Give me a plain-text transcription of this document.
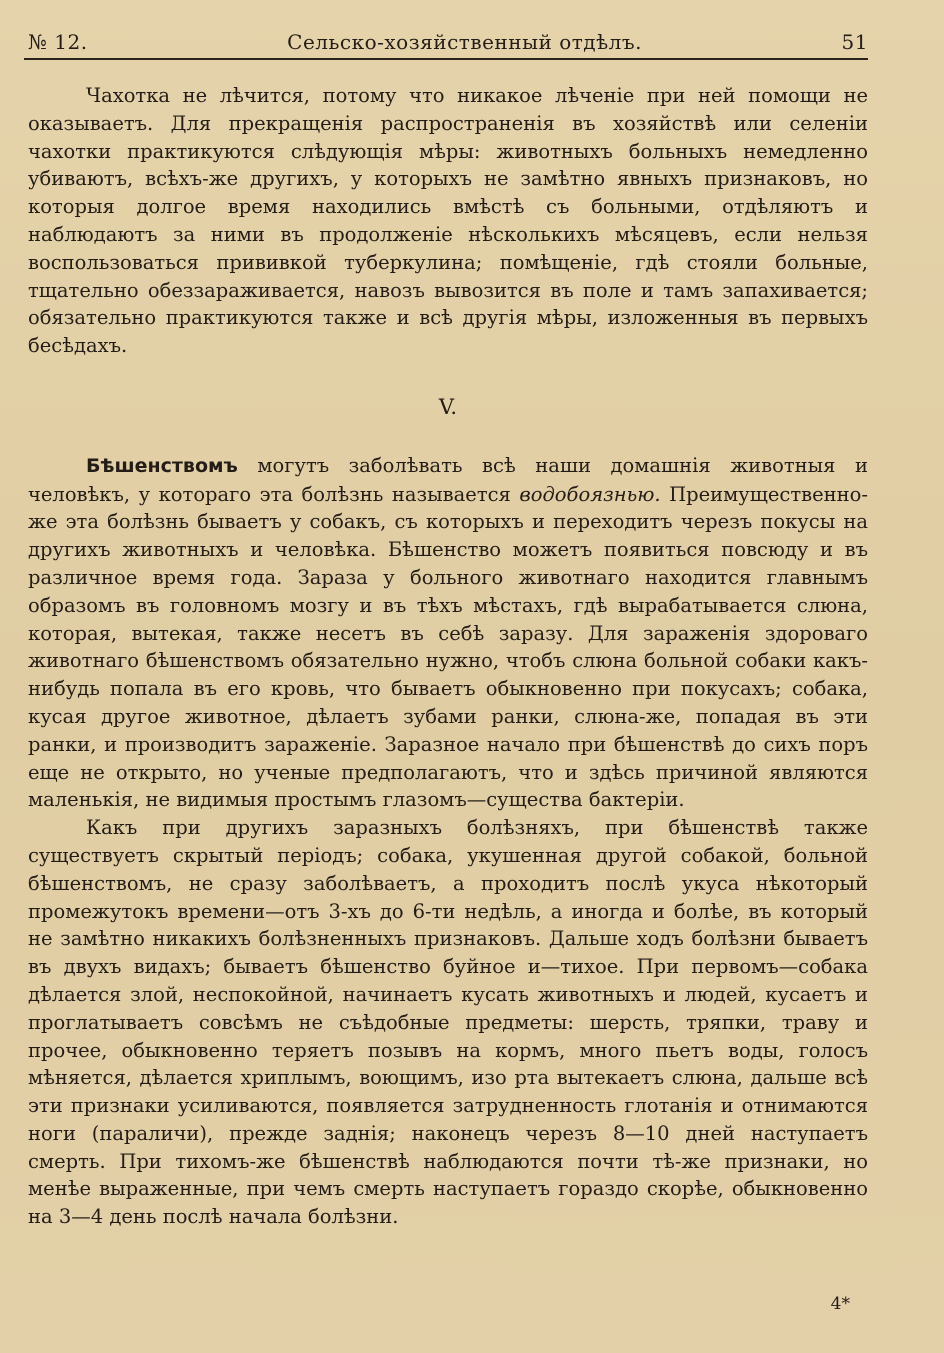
№ 12.	Сельско-хозяйственный отдѣлъ.	51

Чахотка не лѣчится, потому что никакое лѣченіе при ней помощи не оказываетъ. Для прекращенія распространенія въ хозяйствѣ или селеніи чахотки практикуются слѣдующія мѣры: животныхъ больныхъ немедленно убиваютъ, всѣхъ-же другихъ, у которыхъ не замѣтно явныхъ признаковъ, но которыя долгое время находились вмѣстѣ съ больными, отдѣляютъ и наблюдаютъ за ними въ продолженіе нѣсколькихъ мѣсяцевъ, если нельзя воспользоваться прививкой туберкулина; помѣщеніе, гдѣ стояли больные, тщательно обеззараживается, навозъ вывозится въ поле и тамъ запахивается; обязательно практикуются также и всѣ другія мѣры, изложенныя въ первыхъ бесѣдахъ.

V.

Бѣшенствомъ могутъ заболѣвать всѣ наши домашнія животныя и человѣкъ, у котораго эта болѣзнь называется водобоязнью. Преимущественно-же эта болѣзнь бываетъ у собакъ, съ которыхъ и переходитъ черезъ покусы на другихъ животныхъ и человѣка. Бѣшенство можетъ появиться повсюду и въ различное время года. Зараза у больного животнаго находится главнымъ образомъ въ головномъ мозгу и въ тѣхъ мѣстахъ, гдѣ вырабатывается слюна, которая, вытекая, также несетъ въ себѣ заразу. Для зараженія здороваго животнаго бѣшенствомъ обязательно нужно, чтобъ слюна больной собаки какъ-нибудь попала въ его кровь, что бываетъ обыкновенно при покусахъ; собака, кусая другое животное, дѣлаетъ зубами ранки, слюна-же, попадая въ эти ранки, и производитъ зараженіе. Заразное начало при бѣшенствѣ до сихъ поръ еще не открыто, но ученые предполагаютъ, что и здѣсь причиной являются маленькія, не видимыя простымъ глазомъ—существа бактеріи.

Какъ при другихъ заразныхъ болѣзняхъ, при бѣшенствѣ также существуетъ скрытый періодъ; собака, укушенная другой собакой, больной бѣшенствомъ, не сразу заболѣваетъ, а проходитъ послѣ укуса нѣкоторый промежутокъ времени—отъ 3-хъ до 6-ти недѣль, а иногда и болѣе, въ который не замѣтно никакихъ болѣзненныхъ признаковъ. Дальше ходъ болѣзни бываетъ въ двухъ видахъ; бываетъ бѣшенство буйное и—тихое. При первомъ—собака дѣлается злой, неспокойной, начинаетъ кусать животныхъ и людей, кусаетъ и проглатываетъ совсѣмъ не съѣдобные предметы: шерсть, тряпки, траву и прочее, обыкновенно теряетъ позывъ на кормъ, много пьетъ воды, голосъ мѣняется, дѣлается хриплымъ, воющимъ, изо рта вытекаетъ слюна, дальше всѣ эти признаки усиливаются, появляется затрудненность глотанія и отнимаются ноги (параличи), прежде заднія; наконецъ черезъ 8—10 дней наступаетъ смерть. При тихомъ-же бѣшенствѣ наблюдаются почти тѣ-же признаки, но менѣе выраженные, при чемъ смерть наступаетъ гораздо скорѣе, обыкновенно на 3—4 день послѣ начала болѣзни.

4*
